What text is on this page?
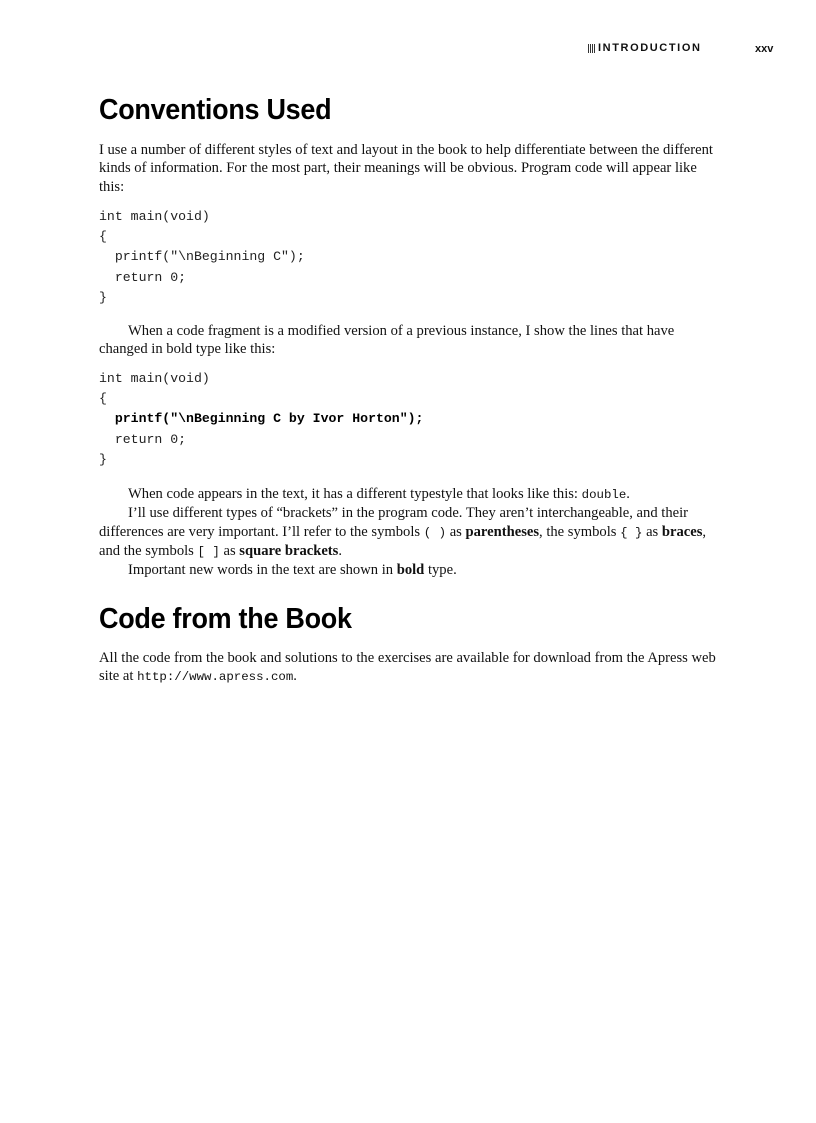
INTRODUCTION	xxv
Conventions Used

I use a number of different styles of text and layout in the book to help differentiate between the different kinds of information. For the most part, their meanings will be obvious. Program code will appear like this:

int main(void)
{
printf("\nBeginning C");
return 0;
}

When a code fragment is a modified version of a previous instance, I show the lines that have changed in bold type like this:

int main(void)
{
printf("\nBeginning C by Ivor Horton");
return 0;
}

When code appears in the text, it has a different typestyle that looks like this: double.

I’ll use different types of “brackets” in the program code. They aren’t interchangeable, and their differences are very important. I’ll refer to the symbols ( ) as parentheses, the symbols { } as braces, and the symbols [ ] as square brackets.

Important new words in the text are shown in bold type.

Code from the Book

All the code from the book and solutions to the exercises are available for download from the Apress web site at http://www.apress.com.
